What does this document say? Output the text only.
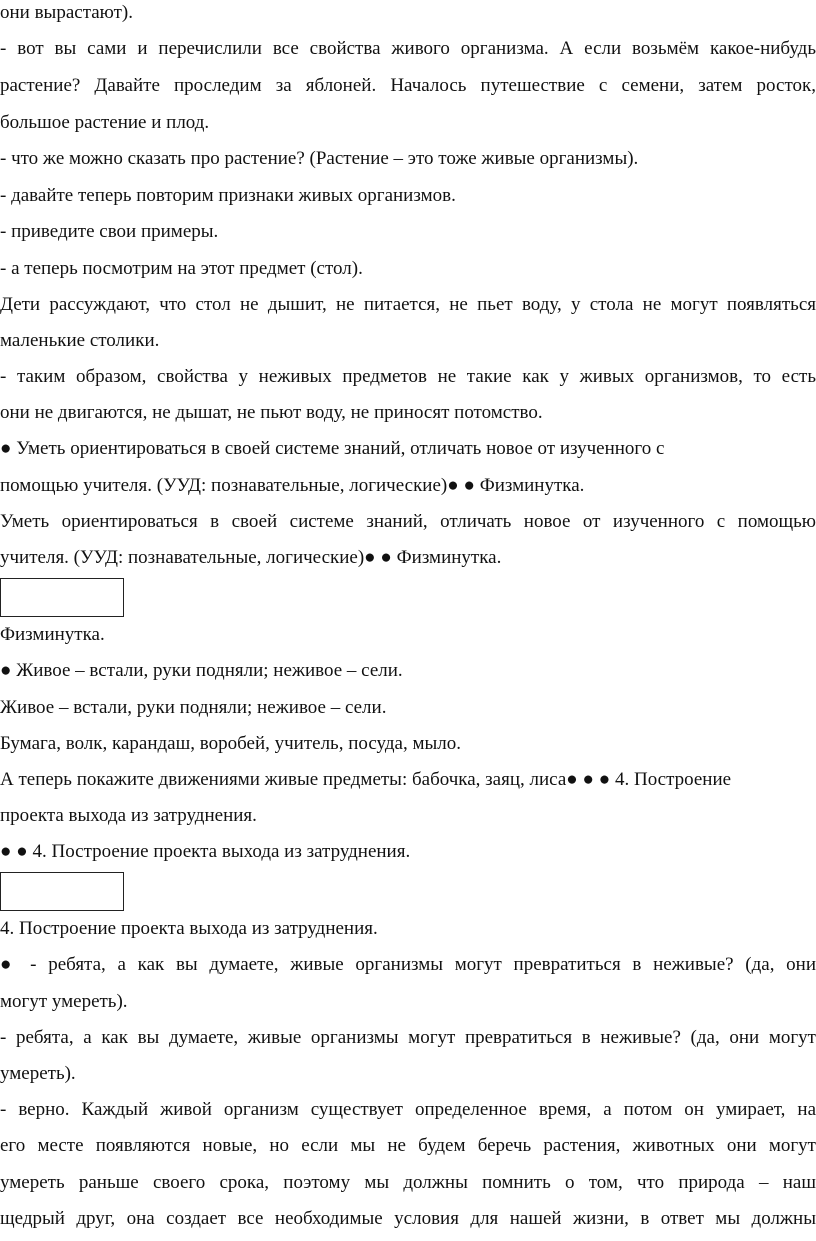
они вырастают).
- вот вы сами и перечислили все свойства живого организма. А если возьмём какое-нибудь
растение? Давайте проследим за яблоней. Началось путешествие с семени, затем росток,
большое растение и плод.
- что же можно сказать про растение? (Растение – это тоже живые организмы).
- давайте теперь повторим признаки живых организмов.
- приведите свои примеры.
- а теперь посмотрим на этот предмет (стол).
Дети рассуждают, что стол не дышит, не питается, не пьет воду, у стола не могут появляться
маленькие столики.
- таким образом, свойства у неживых предметов не такие как у живых организмов, то есть
они не двигаются, не дышат, не пьют воду, не приносят потомство.
● Уметь ориентироваться в своей системе знаний, отличать новое от изученного с
помощью учителя. (УУД: познавательные, логические)● ● Физминутка.
Уметь ориентироваться в своей системе знаний, отличать новое от изученного с помощью
учителя. (УУД: познавательные, логические)● ● Физминутка.
Физминутка.
● Живое – встали, руки подняли; неживое – сели.
Живое – встали, руки подняли; неживое – сели.
Бумага, волк, карандаш, воробей, учитель, посуда, мыло.
А теперь покажите движениями живые предметы: бабочка, заяц, лиса● ● ● 4. Построение
проекта выхода из затруднения.
● ● 4. Построение проекта выхода из затруднения.
4. Построение проекта выхода из затруднения.
● - ребята, а как вы думаете, живые организмы могут превратиться в неживые? (да, они
могут умереть).
- ребята, а как вы думаете, живые организмы могут превратиться в неживые? (да, они могут
умереть).
- верно. Каждый живой организм существует определенное время, а потом он умирает, на
его месте появляются новые, но если мы не будем беречь растения, животных они могут
умереть раньше своего срока, поэтому мы должны помнить о том, что природа – наш
щедрый друг, она создает все необходимые условия для нашей жизни, в ответ мы должны
